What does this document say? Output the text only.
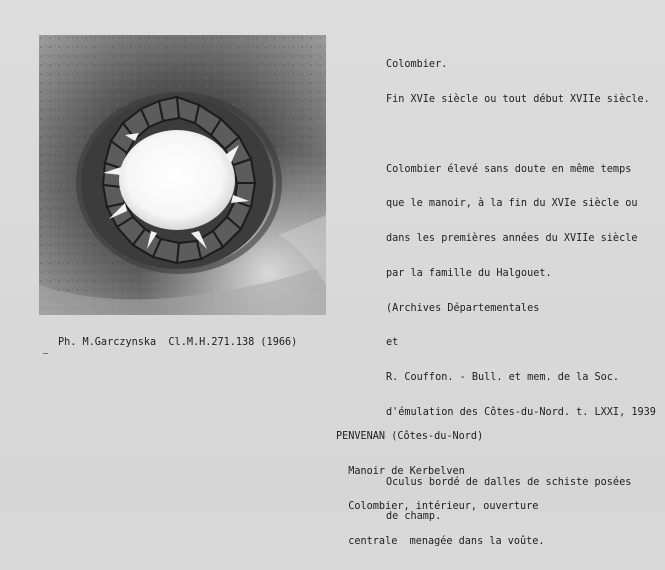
Colombier.

Fin XVIe siècle ou tout début XVIIe siècle.

Colombier élevé sans doute en même temps

que le manoir, à la fin du XVIe siècle ou

dans les premières années du XVIIe siècle

par la famille du Halgouet.

(Archives Départementales

et

R. Couffon. - Bull. et mem. de la Soc.

d'émulation des Côtes-du-Nord. t. LXXI, 1939

Oculus bordé de dalles de schiste posées

de champ.

Ph. M.Garczynska Cl.M.H.271.138 (1966)

PENVENAN (Côtes-du-Nord)

Manoir de Kerbelven

Colombier, intérieur, ouverture

centrale  menagée dans la voûte.
